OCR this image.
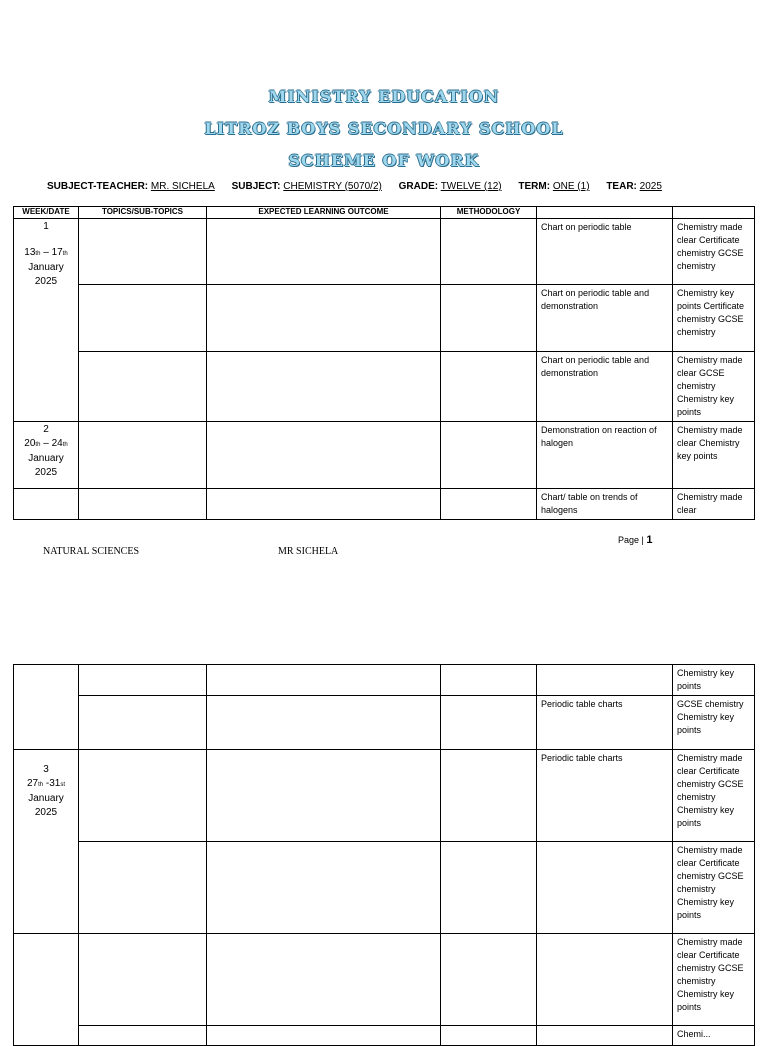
MINISTRY EDUCATION
LITROZ BOYS SECONDARY SCHOOL
SCHEME OF WORK
SUBJECT-TEACHER: MR. SICHELA SUBJECT: CHEMISTRY (5070/2) GRADE: TWELVE (12) TERM: ONE (1) TEAR: 2025
WEEK/DATE	TOPICS/SUB-TOPICS	EXPECTED LEARNING OUTCOME	METHODOLOGY		

1
13th – 17th
January
2025				Chart on periodic table	Chemistry made clear Certificate chemistry GCSE chemistry
				Chart on periodic table and demonstration	Chemistry key points Certificate chemistry GCSE chemistry
				Chart on periodic table and demonstration	Chemistry made clear GCSE chemistry Chemistry key points

2
20th – 24th
January
2025				Demonstration on reaction of halogen	Chemistry made clear Chemistry key points
				Chart/ table on trends of halogens	Chemistry made clear
NATURAL SCIENCES	MR SICHELA
Page | 1
					Chemistry key points
				Periodic table charts	GCSE chemistry Chemistry key points

3
27th -31st
January
2025				Periodic table charts	Chemistry made clear Certificate chemistry GCSE chemistry Chemistry key points
					Chemistry made clear Certificate chemistry GCSE chemistry Chemistry key points
					Chemistry made clear Certificate chemistry GCSE chemistry Chemistry key points
					Chemi...
